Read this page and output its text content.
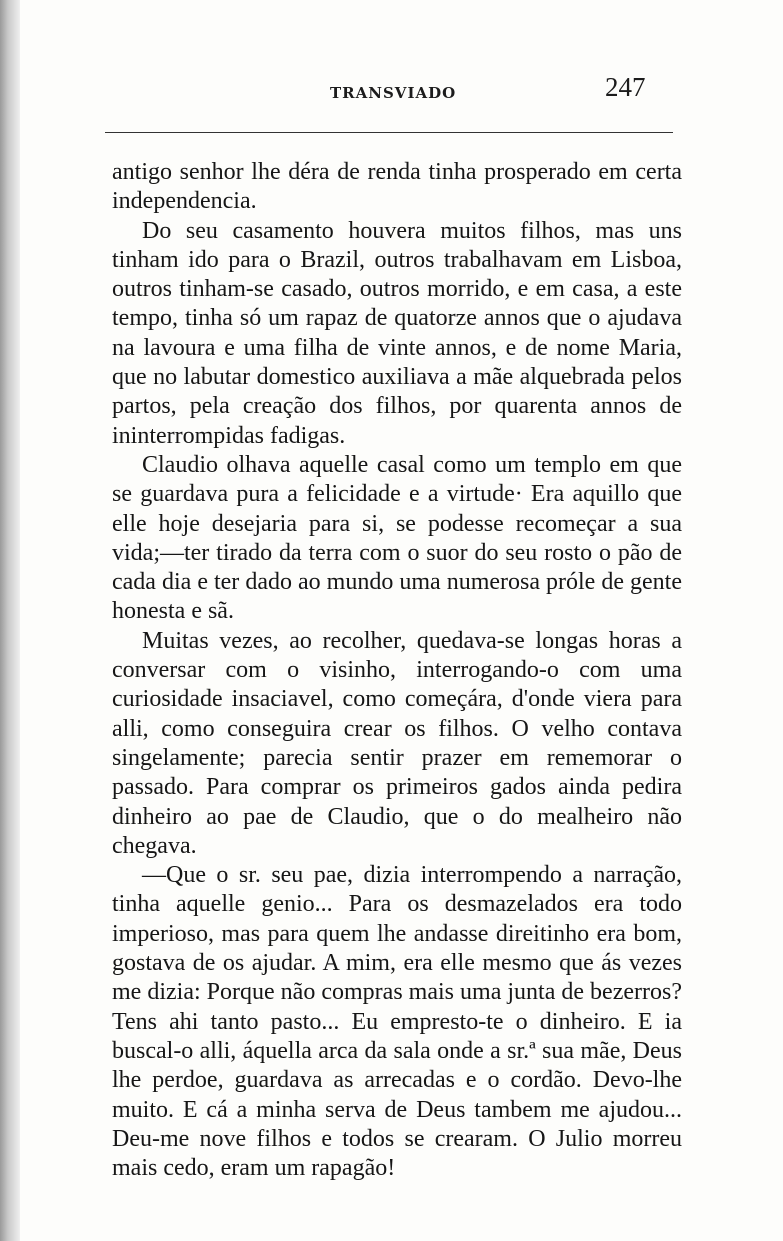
TRANSVIADO	247

antigo senhor lhe déra de renda tinha prosperado em certa independencia.

Do seu casamento houvera muitos filhos, mas uns tinham ido para o Brazil, outros trabalhavam em Lisboa, outros tinham-se casado, outros morrido, e em casa, a este tempo, tinha só um rapaz de quatorze annos que o ajudava na lavoura e uma filha de vinte annos, e de nome Maria, que no labutar domestico auxiliava a mãe alquebrada pelos partos, pela creação dos filhos, por quarenta annos de ininterrompidas fadigas.

Claudio olhava aquelle casal como um templo em que se guardava pura a felicidade e a virtude· Era aquillo que elle hoje desejaria para si, se podesse recomeçar a sua vida;—ter tirado da terra com o suor do seu rosto o pão de cada dia e ter dado ao mundo uma numerosa próle de gente honesta e sã.

Muitas vezes, ao recolher, quedava-se longas horas a conversar com o visinho, interrogando-o com uma curiosidade insaciavel, como começára, d'onde viera para alli, como conseguira crear os filhos. O velho contava singelamente; parecia sentir prazer em rememorar o passado. Para comprar os primeiros gados ainda pedira dinheiro ao pae de Claudio, que o do mealheiro não chegava.

—Que o sr. seu pae, dizia interrompendo a narração, tinha aquelle genio... Para os desmazelados era todo imperioso, mas para quem lhe andasse direitinho era bom, gostava de os ajudar. A mim, era elle mesmo que ás vezes me dizia: Porque não compras mais uma junta de bezerros? Tens ahi tanto pasto... Eu empresto-te o dinheiro. E ia buscal-o alli, áquella arca da sala onde a sr.ª sua mãe, Deus lhe perdoe, guardava as arrecadas e o cordão. Devo-lhe muito. E cá a minha serva de Deus tambem me ajudou... Deu-me nove filhos e todos se crearam. O Julio morreu mais cedo, eram um rapagão!
